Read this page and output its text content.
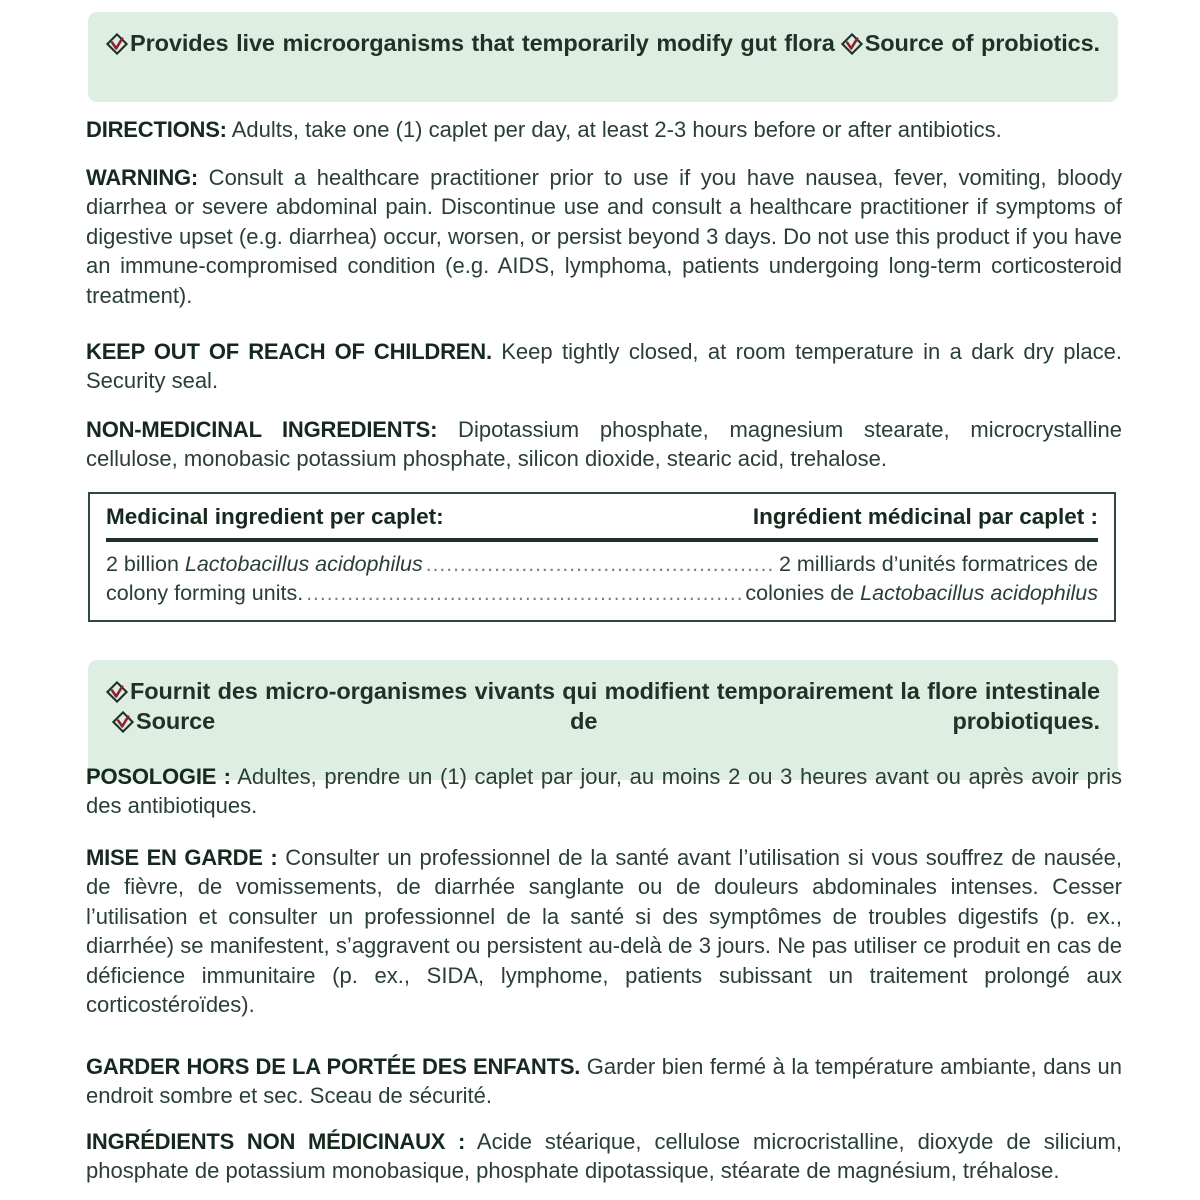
Provides live microorganisms that temporarily modify gut flora Source of probiotics.

DIRECTIONS: Adults, take one (1) caplet per day, at least 2-3 hours before or after antibiotics.

WARNING: Consult a healthcare practitioner prior to use if you have nausea, fever, vomiting, bloody diarrhea or severe abdominal pain. Discontinue use and consult a healthcare practitioner if symptoms of digestive upset (e.g. diarrhea) occur, worsen, or persist beyond 3 days. Do not use this product if you have an immune-compromised condition (e.g. AIDS, lymphoma, patients undergoing long-term corticosteroid treatment).

KEEP OUT OF REACH OF CHILDREN. Keep tightly closed, at room temperature in a dark dry place. Security seal.

NON-MEDICINAL INGREDIENTS: Dipotassium phosphate, magnesium stearate, microcrystalline cellulose, monobasic potassium phosphate, silicon dioxide, stearic acid, trehalose.

Medicinal ingredient per caplet:	Ingrédient médicinal par caplet :
2 billion Lactobacillus acidophilus .....	2 milliards d’unités formatrices de
colony forming units. .....	colonies de Lactobacillus acidophilus

Fournit des micro-organismes vivants qui modifient temporairement la flore intestinale
Source de probiotiques.

POSOLOGIE : Adultes, prendre un (1) caplet par jour, au moins 2 ou 3 heures avant ou après avoir pris des antibiotiques.

MISE EN GARDE : Consulter un professionnel de la santé avant l’utilisation si vous souffrez de nausée, de fièvre, de vomissements, de diarrhée sanglante ou de douleurs abdominales intenses. Cesser l’utilisation et consulter un professionnel de la santé si des symptômes de troubles digestifs (p. ex., diarrhée) se manifestent, s’aggravent ou persistent au-delà de 3 jours. Ne pas utiliser ce produit en cas de déficience immunitaire (p. ex., SIDA, lymphome, patients subissant un traitement prolongé aux corticostéroïdes).

GARDER HORS DE LA PORTÉE DES ENFANTS. Garder bien fermé à la température ambiante, dans un endroit sombre et sec. Sceau de sécurité.

INGRÉDIENTS NON MÉDICINAUX : Acide stéarique, cellulose microcristalline, dioxyde de silicium, phosphate de potassium monobasique, phosphate dipotassique, stéarate de magnésium, tréhalose.
